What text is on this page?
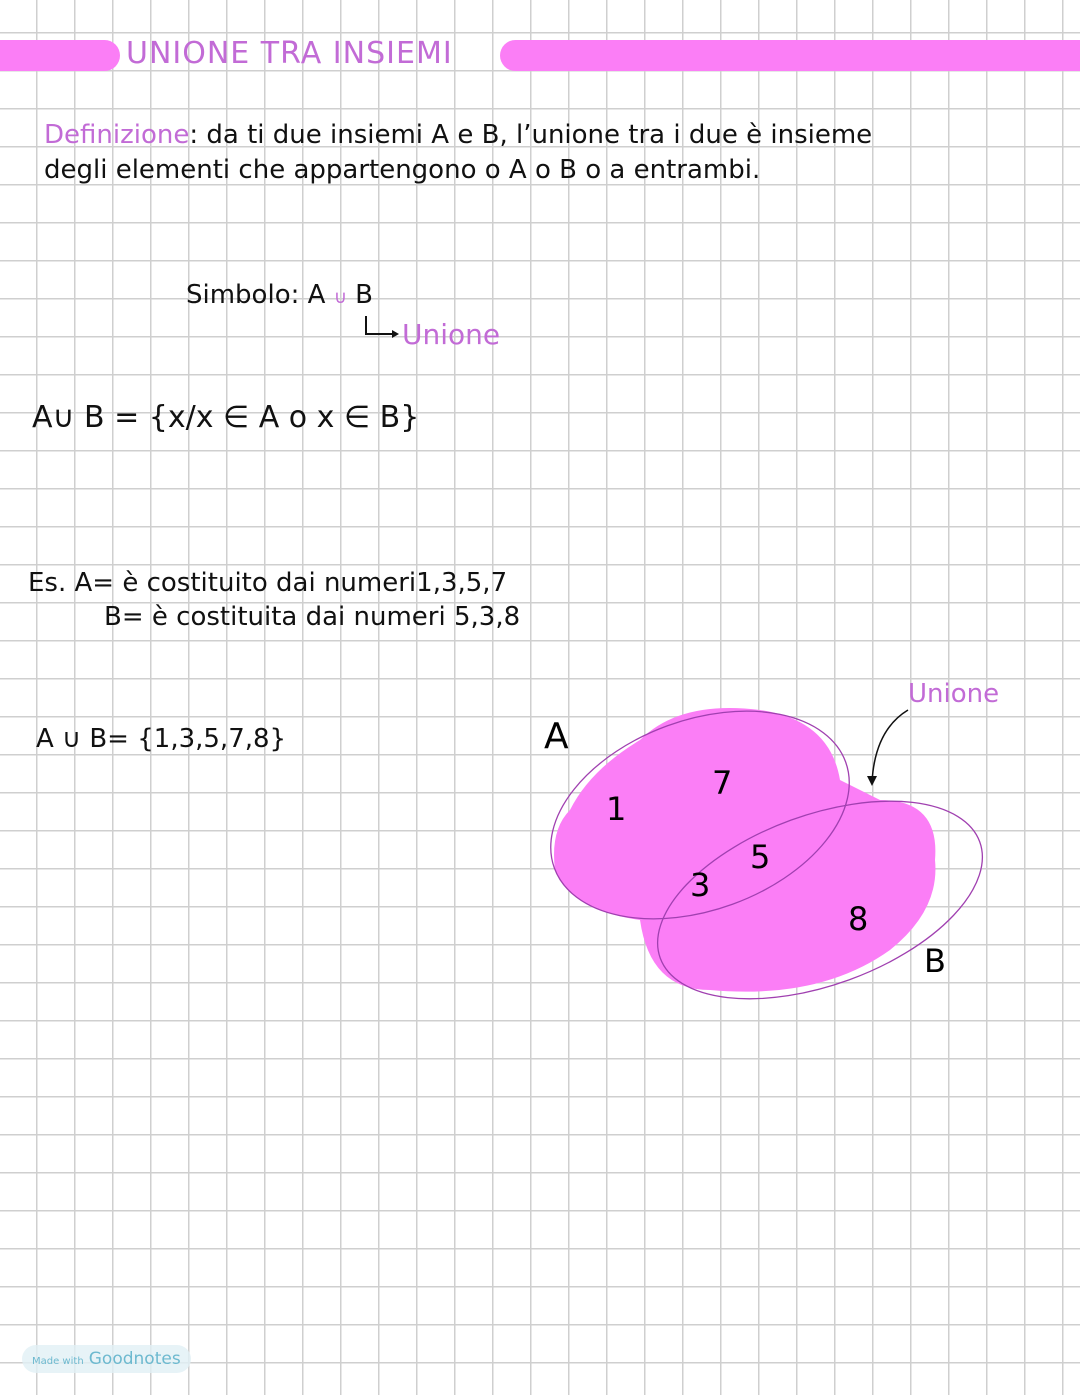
UNIONE TRA INSIEMI
Definizione: da ti due insiemi A e B, l’unione tra i due è insieme
degli elementi che appartengono o A o B o a entrambi.
Simbolo: A ∪ B
Unione
A∪ B = {x/x ∈ A o x ∈ B}
Es. A= è costituito dai numeri1,3,5,7
B= è costituita dai numeri 5,3,8
A ∪ B= {1,3,5,7,8}	A
B
Unione
1
7
5
3
8
Made with Goodnotes
